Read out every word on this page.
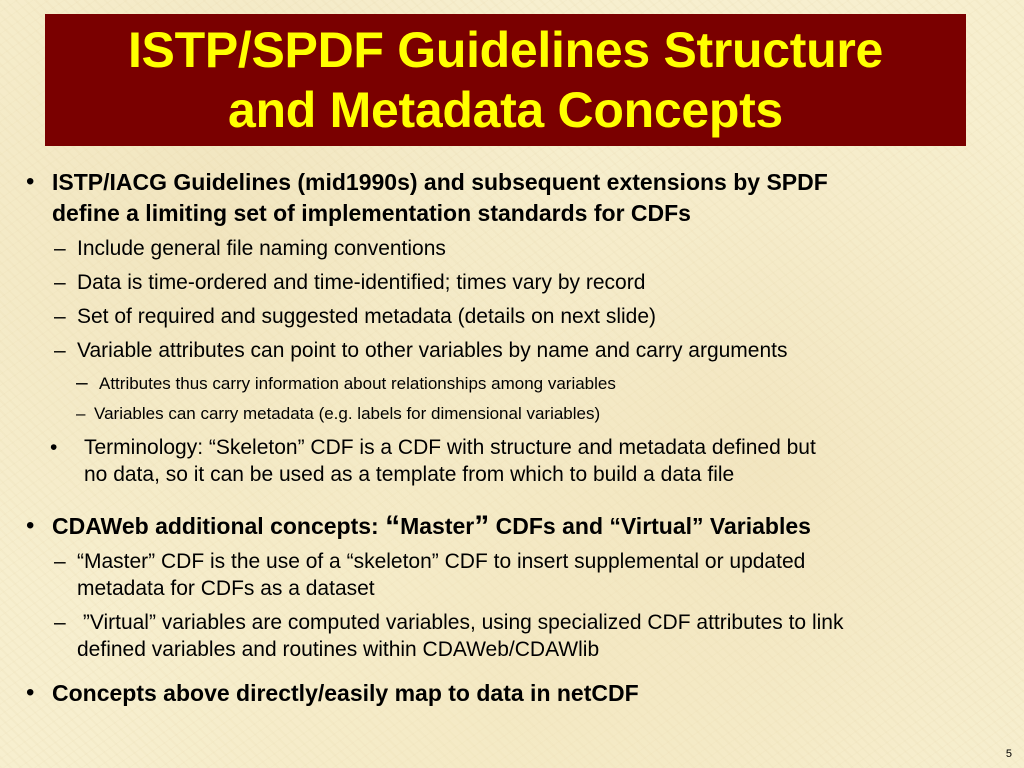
ISTP/SPDF Guidelines Structure
and Metadata Concepts
• ISTP/IACG Guidelines (mid1990s) and subsequent extensions by SPDF
define a limiting set of implementation standards for CDFs
– Include general file naming conventions
– Data is time-ordered and time-identified; times vary by record
– Set of required and suggested metadata (details on next slide)
– Variable attributes can point to other variables by name and carry arguments
– Attributes thus carry information about relationships among variables
– Variables can carry metadata (e.g. labels for dimensional variables)
• Terminology: “Skeleton” CDF is a CDF with structure and metadata defined but
no data, so it can be used as a template from which to build a data file
• CDAWeb additional concepts: “Master” CDFs and “Virtual” Variables
– “Master” CDF is the use of a “skeleton” CDF to insert supplemental or updated
metadata for CDFs as a dataset
– ”Virtual” variables are computed variables, using specialized CDF attributes to link
defined variables and routines within CDAWeb/CDAWlib
• Concepts above directly/easily map to data in netCDF
5
